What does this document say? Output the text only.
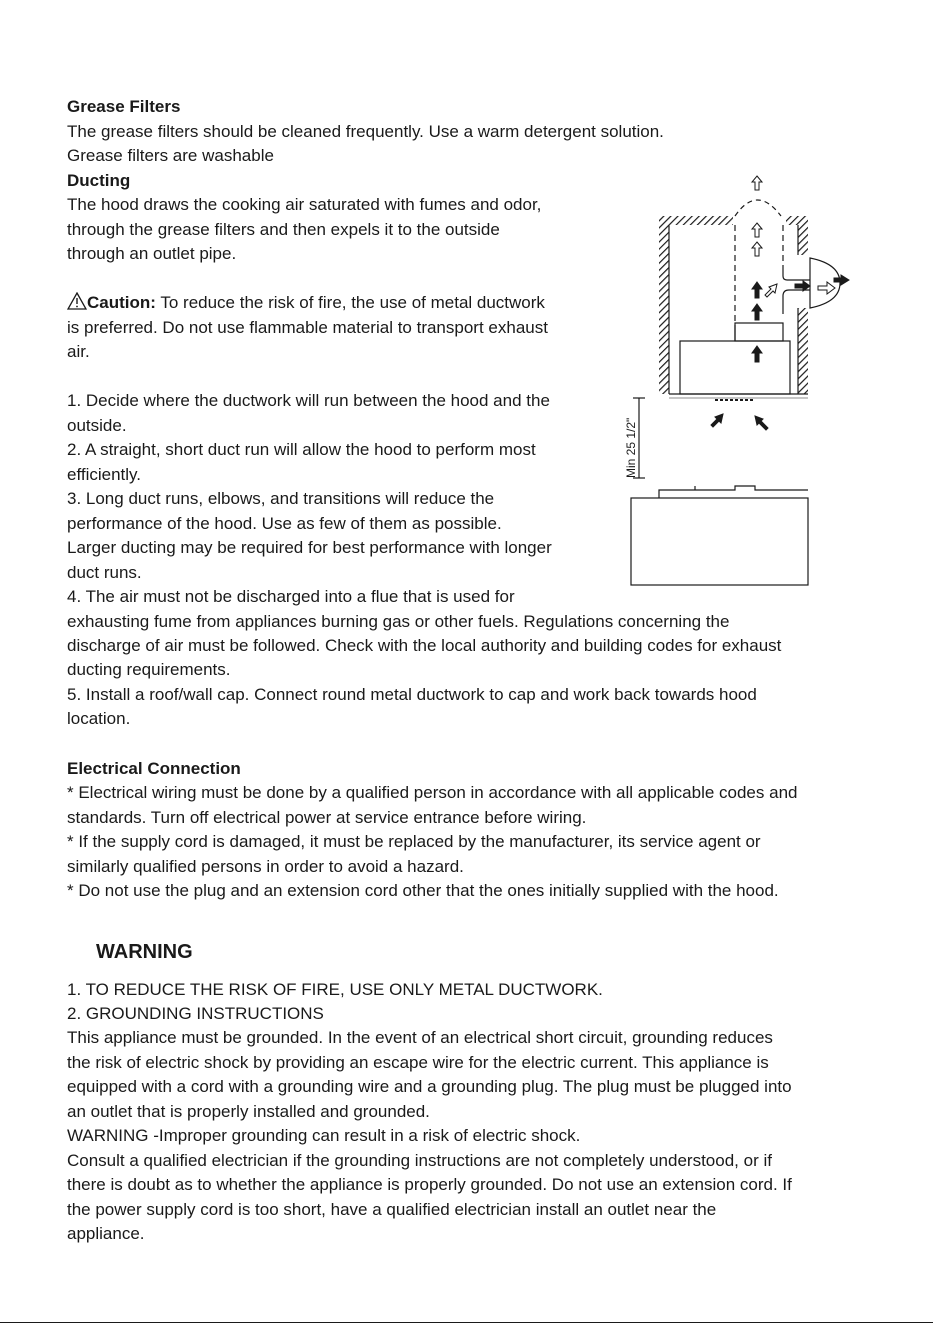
Grease Filters

The grease filters should be cleaned frequently. Use a warm detergent solution.

Grease filters are washable

Ducting

The hood draws the cooking air saturated with fumes and odor,

through the grease filters and then expels it to the outside

through an outlet pipe.

Caution: To reduce the risk of fire, the use of metal ductwork

is preferred. Do not use flammable material to transport exhaust

air.

1. Decide where the ductwork will run between the hood and the

outside.

2. A straight, short duct run will allow the hood to perform most

efficiently.

3. Long duct runs, elbows, and transitions will reduce the

performance of the hood. Use as few of them as possible.

Larger ducting may be required for best performance with longer

duct runs.

4. The air must not be discharged into a flue that is used for

exhausting fume from appliances burning gas or other fuels. Regulations concerning the

discharge of air must be followed. Check with the local authority and building codes for exhaust

ducting requirements.

5. Install a roof/wall cap. Connect round metal ductwork to cap and work back towards hood

location.

Electrical Connection

* Electrical wiring must be done by a qualified person in accordance with all applicable codes and

standards. Turn off electrical power at service entrance before wiring.

* If the supply cord is damaged, it must be replaced by the manufacturer, its service agent or

similarly qualified persons in order to avoid a hazard.

* Do not use the plug and an extension cord other that the ones initially supplied with the hood.

WARNING

1. TO REDUCE THE RISK OF FIRE, USE ONLY METAL DUCTWORK.

2. GROUNDING INSTRUCTIONS

This appliance must be grounded. In the event of an electrical short circuit, grounding reduces

the risk of electric shock by providing an escape wire for the electric current. This appliance is

equipped with a cord with a grounding wire and a grounding plug. The plug must be plugged into

an outlet that is properly installed and grounded.

WARNING -Improper grounding can result in a risk of electric shock.

Consult a qualified electrician if the grounding instructions are not completely understood, or if

there is doubt as to whether the appliance is properly grounded. Do not use an extension cord. If

the power supply cord is too short, have a qualified electrician install an outlet near the

appliance.

Min 25 1/2"
